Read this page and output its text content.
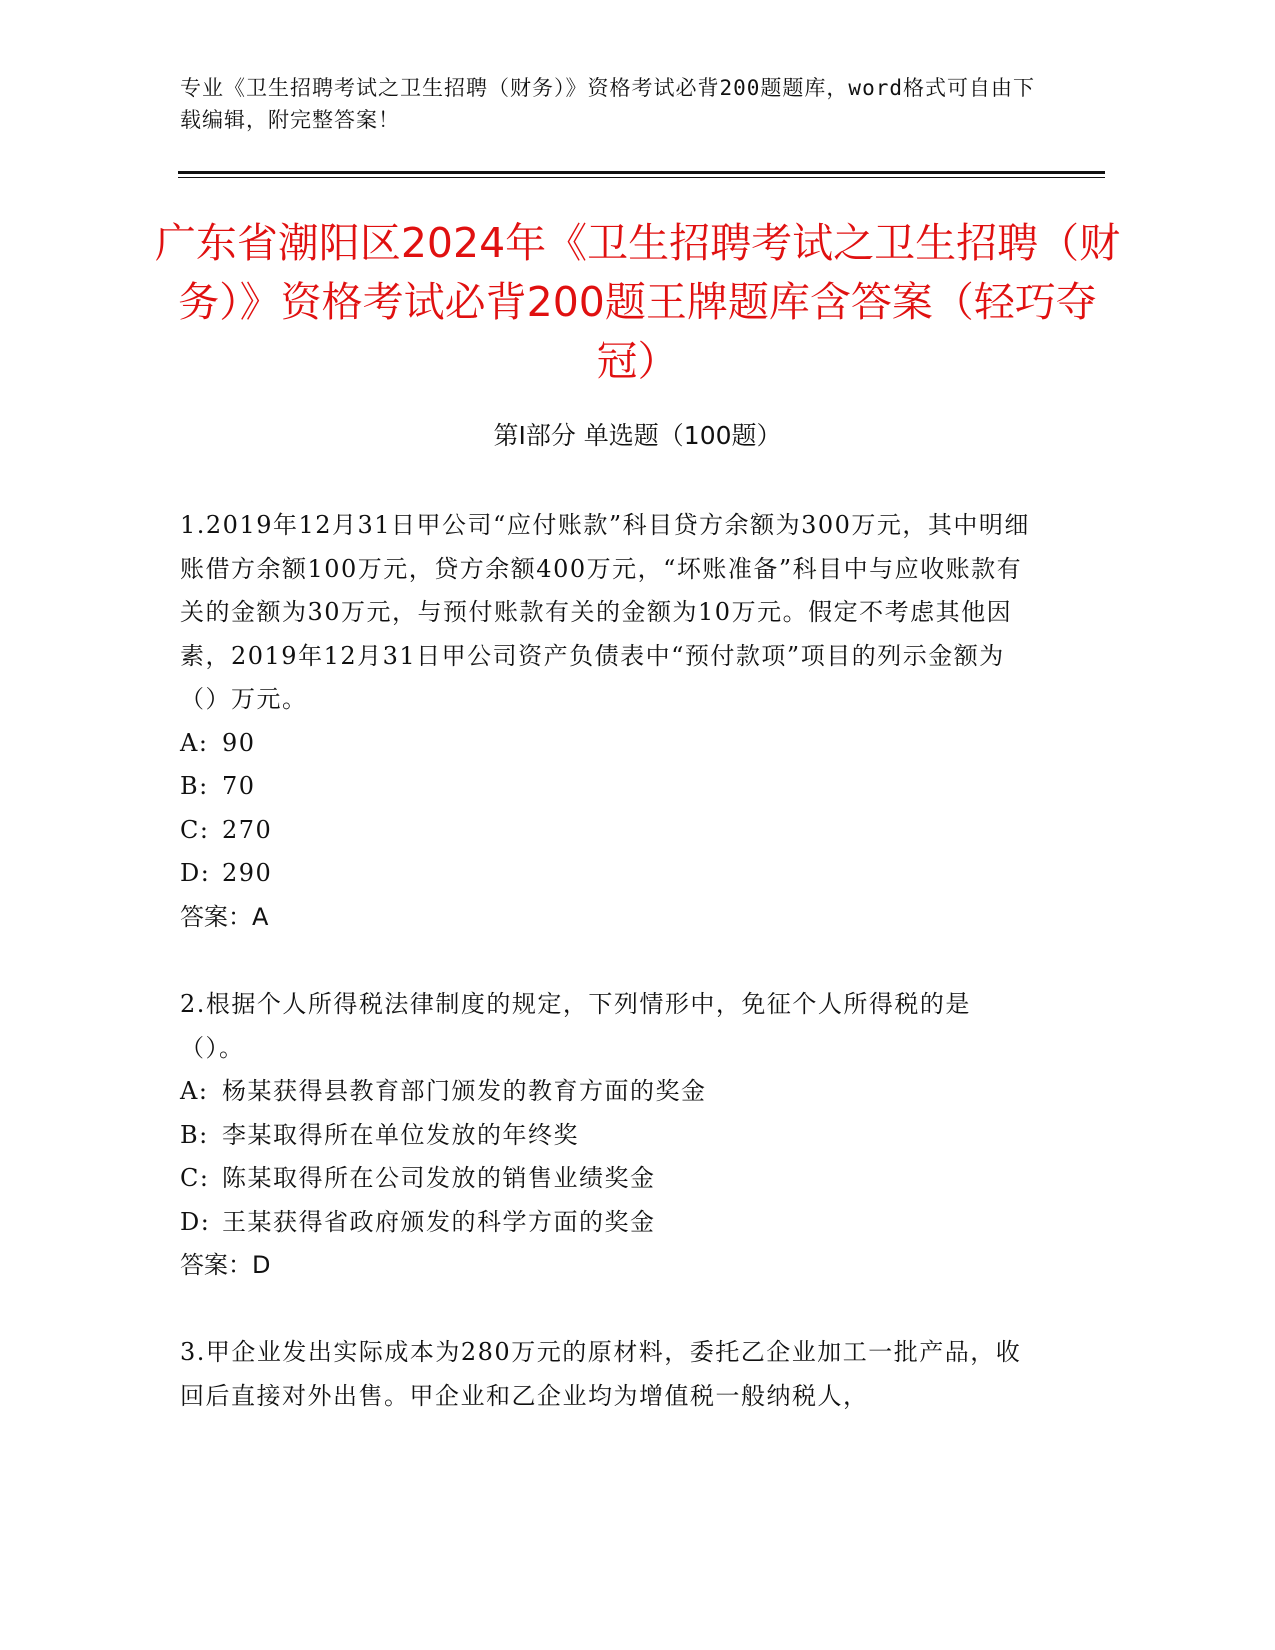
专业《卫生招聘考试之卫生招聘（财务）》资格考试必背200题题库，word格式可自由下载编辑，附完整答案！
广东省潮阳区2024年《卫生招聘考试之卫生招聘（财务）》资格考试必背200题王牌题库含答案（轻巧夺冠）
第Ⅰ部分 单选题（100题）

1.2019年12月31日甲公司“应付账款”科目贷方余额为300万元，其中明细账借方余额100万元，贷方余额400万元，“坏账准备”科目中与应收账款有关的金额为30万元，与预付账款有关的金额为10万元。假定不考虑其他因素，2019年12月31日甲公司资产负债表中“预付款项”项目的列示金额为（）万元。

A: 90

B: 70

C: 270

D: 290

答案：A

2.根据个人所得税法律制度的规定，下列情形中，免征个人所得税的是（）。

A: 杨某获得县教育部门颁发的教育方面的奖金

B: 李某取得所在单位发放的年终奖

C: 陈某取得所在公司发放的销售业绩奖金

D: 王某获得省政府颁发的科学方面的奖金

答案：D

3.甲企业发出实际成本为280万元的原材料，委托乙企业加工一批产品，收回后直接对外出售。甲企业和乙企业均为增值税一般纳税人，
